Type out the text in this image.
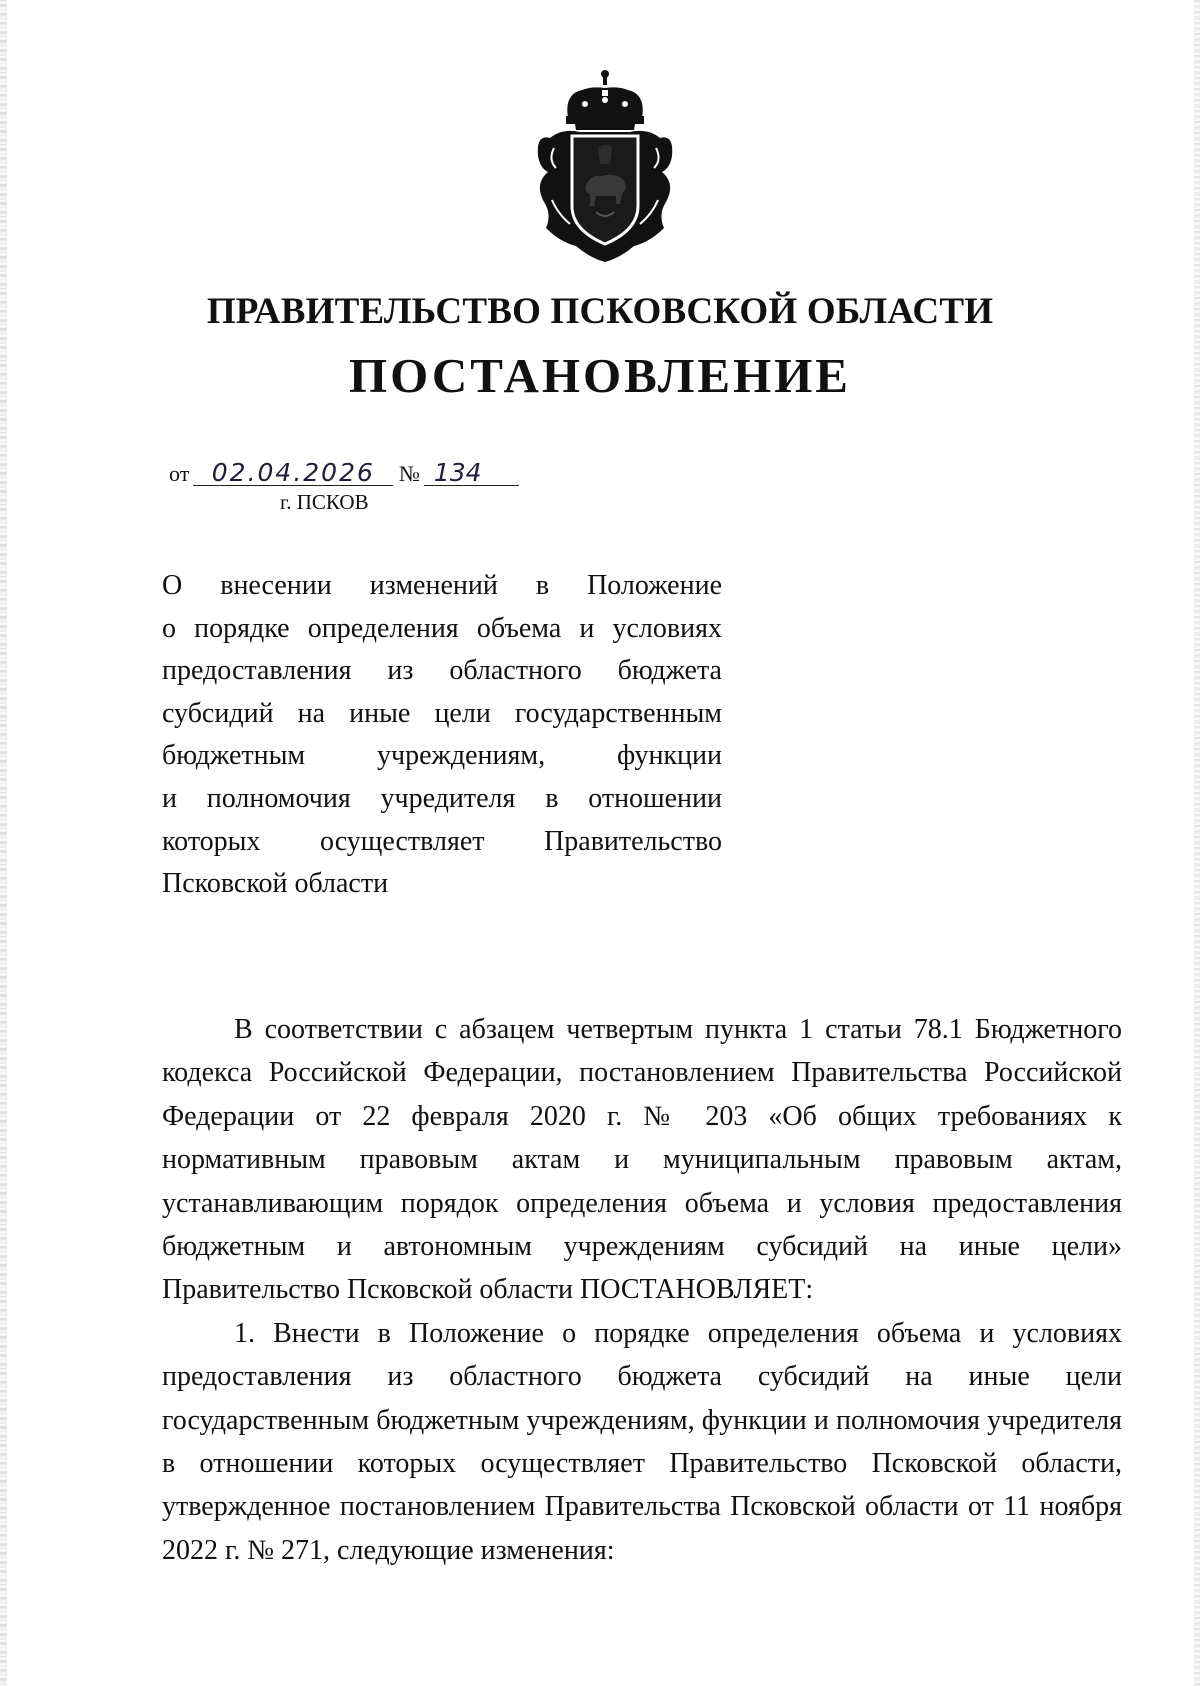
ПРАВИТЕЛЬСТВО ПСКОВСКОЙ ОБЛАСТИ
ПОСТАНОВЛЕНИЕ
от 02.04.2026 № 134
г. ПСКОВ

О внесении изменений в Положение

о порядке определения объема и условиях

предоставления из областного бюджета

субсидий на иные цели государственным

бюджетным учреждениям, функции

и полномочия учредителя в отношении

которых осуществляет Правительство

Псковской области

В соответствии с абзацем четвертым пункта 1 статьи 78.1 Бюджетного кодекса Российской Федерации, постановлением Правительства Российской Федерации от 22 февраля 2020 г. № 203 «Об общих требованиях к нормативным правовым актам и муниципальным правовым актам, устанавливающим порядок определения объема и условия предоставления бюджетным и автономным учреждениям субсидий на иные цели» Правительство Псковской области ПОСТАНОВЛЯЕТ:

1. Внести в Положение о порядке определения объема и условиях предоставления из областного бюджета субсидий на иные цели государственным бюджетным учреждениям, функции и полномочия учредителя в отношении которых осуществляет Правительство Псковской области, утвержденное постановлением Правительства Псковской области от 11 ноября 2022 г. № 271, следующие изменения:
